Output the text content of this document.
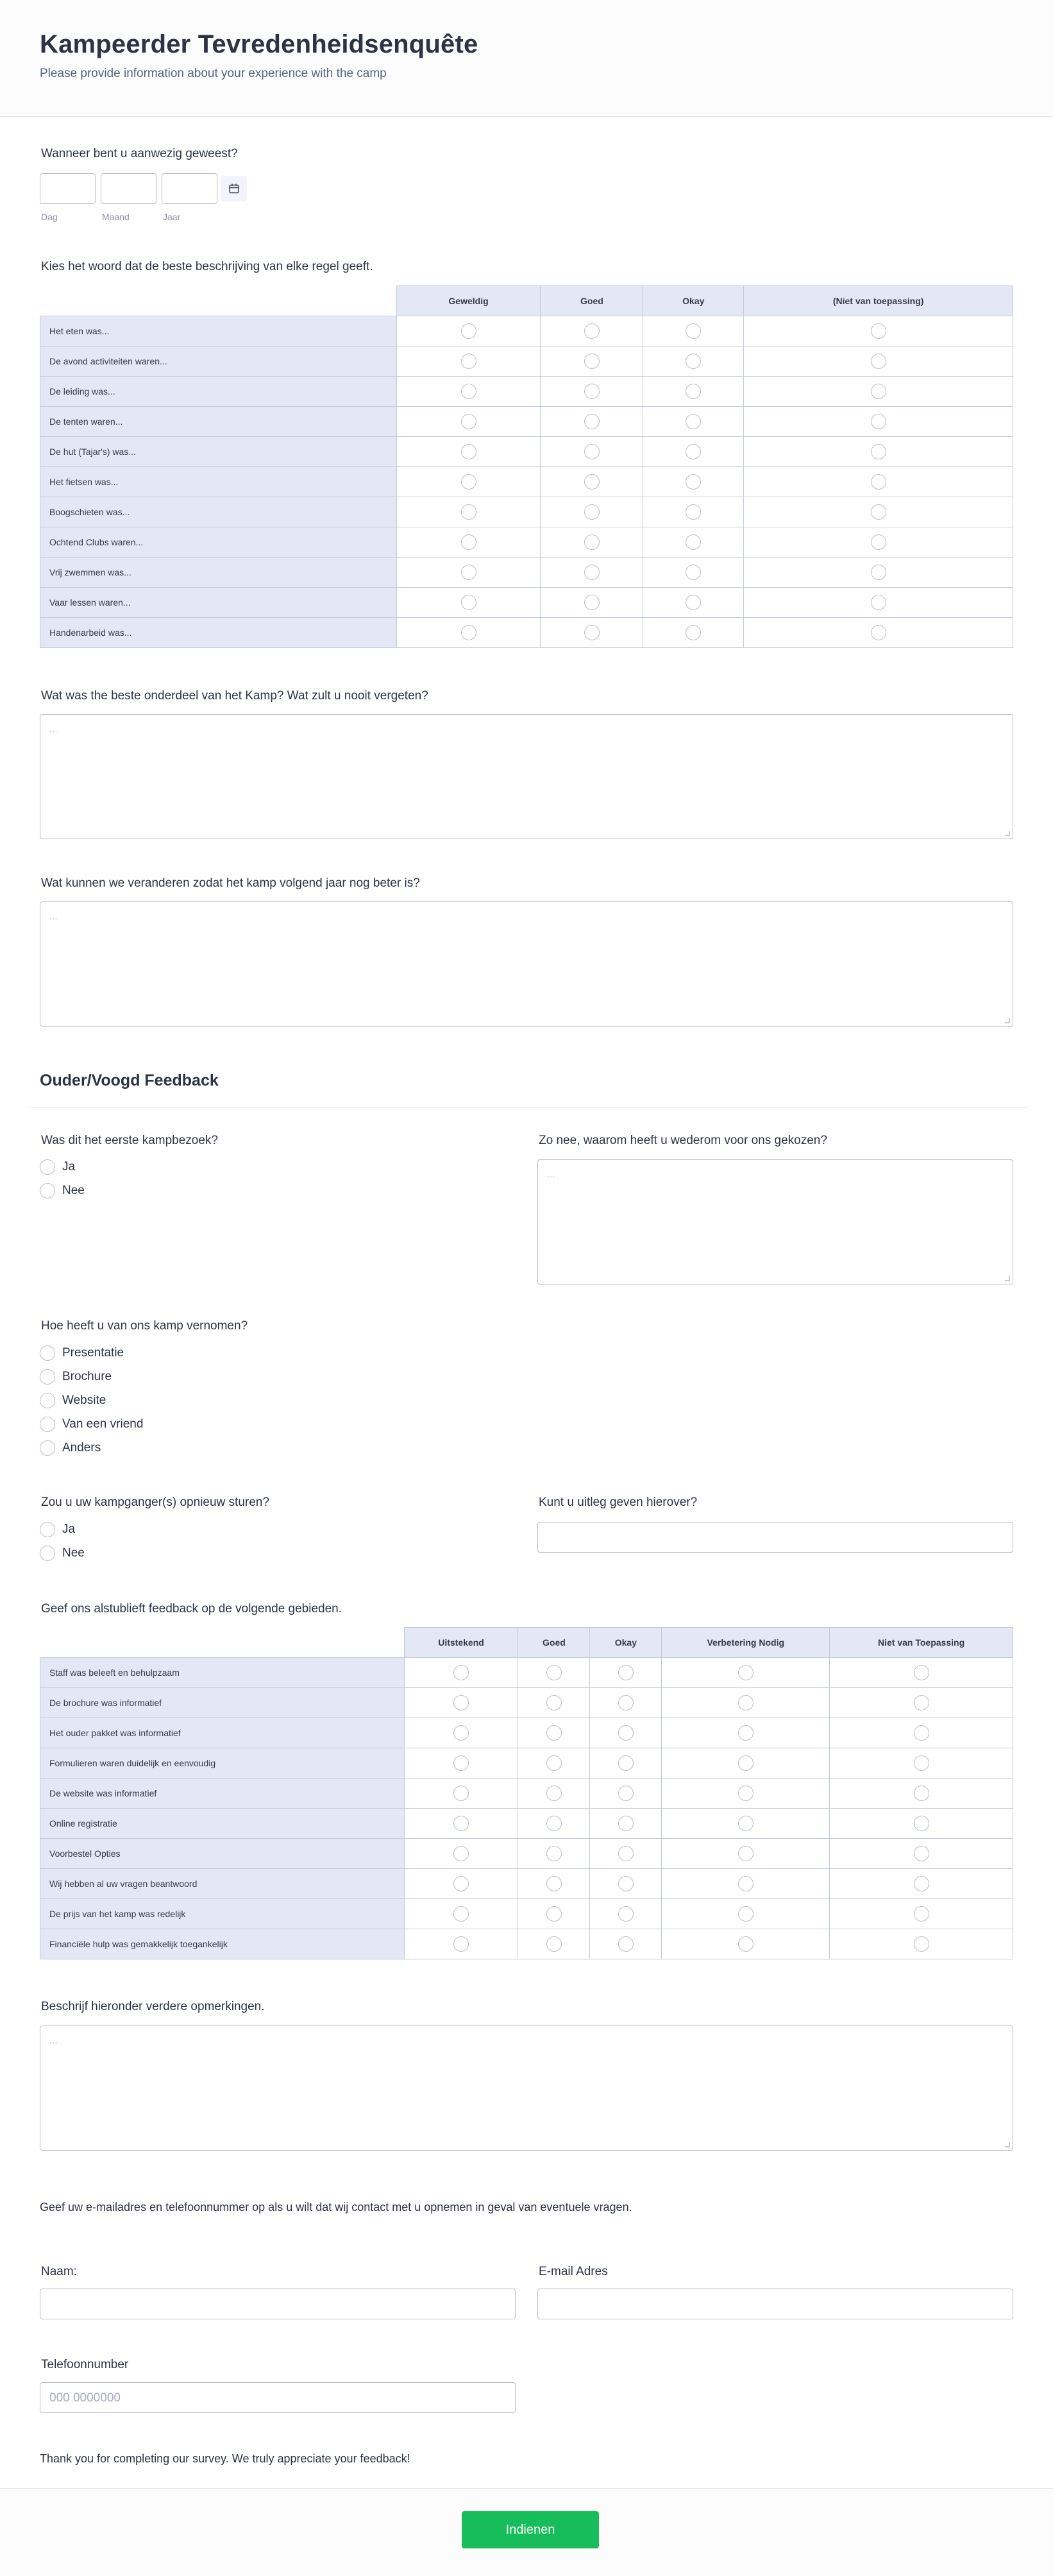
Kampeerder Tevredenheidsenquête
Please provide information about your experience with the camp
Wanneer bent u aanwezig geweest?
Dag	Maand	Jaar
Kies het woord dat de beste beschrijving van elke regel geeft.
	Geweldig	Goed	Okay	(Niet van toepassing)
Het eten was...				
De avond activiteiten waren...				
De leiding was...				
De tenten waren...				
De hut (Tajar's) was...				
Het fietsen was...				
Boogschieten was...				
Ochtend Clubs waren...				
Vrij zwemmen was...				
Vaar lessen waren...				
Handenarbeid was...				
Wat was the beste onderdeel van het Kamp? Wat zult u nooit vergeten?
...
Wat kunnen we veranderen zodat het kamp volgend jaar nog beter is?
...
Ouder/Voogd Feedback
Was dit het eerste kampbezoek?
Ja
Nee
Zo nee, waarom heeft u wederom voor ons gekozen?
...
Hoe heeft u van ons kamp vernomen?
Presentatie
Brochure
Website
Van een vriend
Anders
Zou u uw kampganger(s) opnieuw sturen?
Ja
Nee
Kunt u uitleg geven hierover?
Geef ons alstublieft feedback op de volgende gebieden.
	Uitstekend	Goed	Okay	Verbetering Nodig	Niet van Toepassing
Staff was beleeft en behulpzaam					
De brochure was informatief					
Het ouder pakket was informatief					
Formulieren waren duidelijk en eenvoudig					
De website was informatief					
Online registratie					
Voorbestel Opties					
Wij hebben al uw vragen beantwoord					
De prijs van het kamp was redelijk					
Financiële hulp was gemakkelijk toegankelijk					
Beschrijf hieronder verdere opmerkingen.
...
Geef uw e-mailadres en telefoonnummer op als u wilt dat wij contact met u opnemen in geval van eventuele vragen.
Naam:	E-mail Adres
Telefoonnumber
000 0000000
Thank you for completing our survey. We truly appreciate your feedback!
Indienen
